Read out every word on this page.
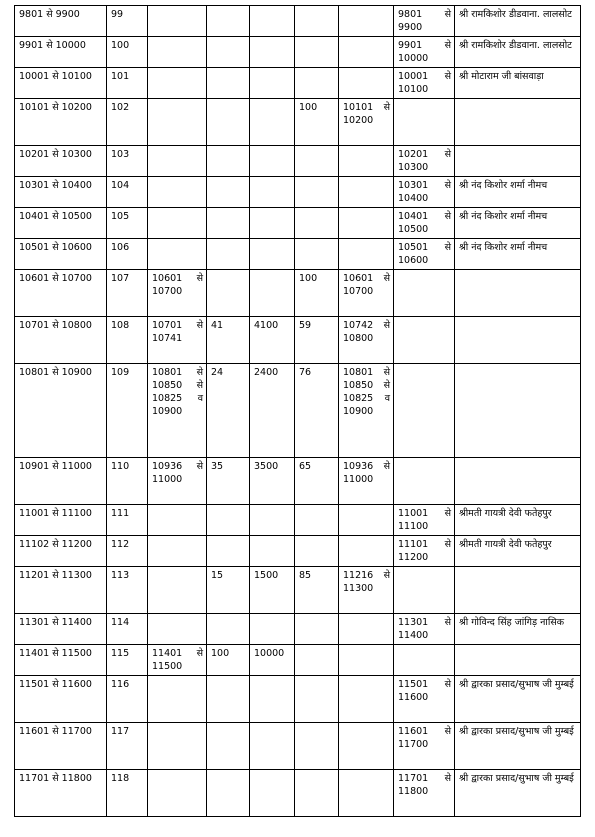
9801 से 9900	99						9801 से 9900	श्री रामकिशोर डीडवाना. लालसोट

9901 से 10000	100						9901 से 10000	श्री रामकिशोर डीडवाना. लालसोट

10001 से 10100	101						10001 से 10100	श्री मोटाराम जी बांसवाड़ा

10101 से 10200	102				100	10101 से 10200		

10201 से 10300	103						10201 से 10300	

10301 से 10400	104						10301 से 10400	श्री नंद किशोर शर्मा नीमच

10401 से 10500	105						10401 से 10500	श्री नंद किशोर शर्मा नीमच

10501 से 10600	106						10501 से 10600	श्री नंद किशोर शर्मा नीमच

10601 से 10700	107	10601 से 10700			100	10601 से 10700		

10701 से 10800	108	10701 से 10741	41	4100	59	10742 से 10800		

10801 से 10900	109	10801 से 10850 से 10825 व 10900	24	2400	76	10801 से 10850 से 10825 व 10900		

10901 से 11000	110	10936 से 11000	35	3500	65	10936 से 11000		

11001 से 11100	111						11001 से 11100	श्रीमती गायत्री देवी फतेहपुर

11102 से 11200	112						11101 से 11200	श्रीमती गायत्री देवी फतेहपुर

11201 से 11300	113		15	1500	85	11216 से 11300		

11301 से 11400	114						11301 से 11400	श्री गोविन्द सिंह जांगिड़ नासिक

11401 से 11500	115	11401 से 11500	100	10000				

11501 से 11600	116						11501 से 11600	श्री द्वारका प्रसाद/सुभाष जी मुम्बई

11601 से 11700	117						11601 से 11700	श्री द्वारका प्रसाद/सुभाष जी मुम्बई

11701 से 11800	118						11701 से 11800	श्री द्वारका प्रसाद/सुभाष जी मुम्बई
